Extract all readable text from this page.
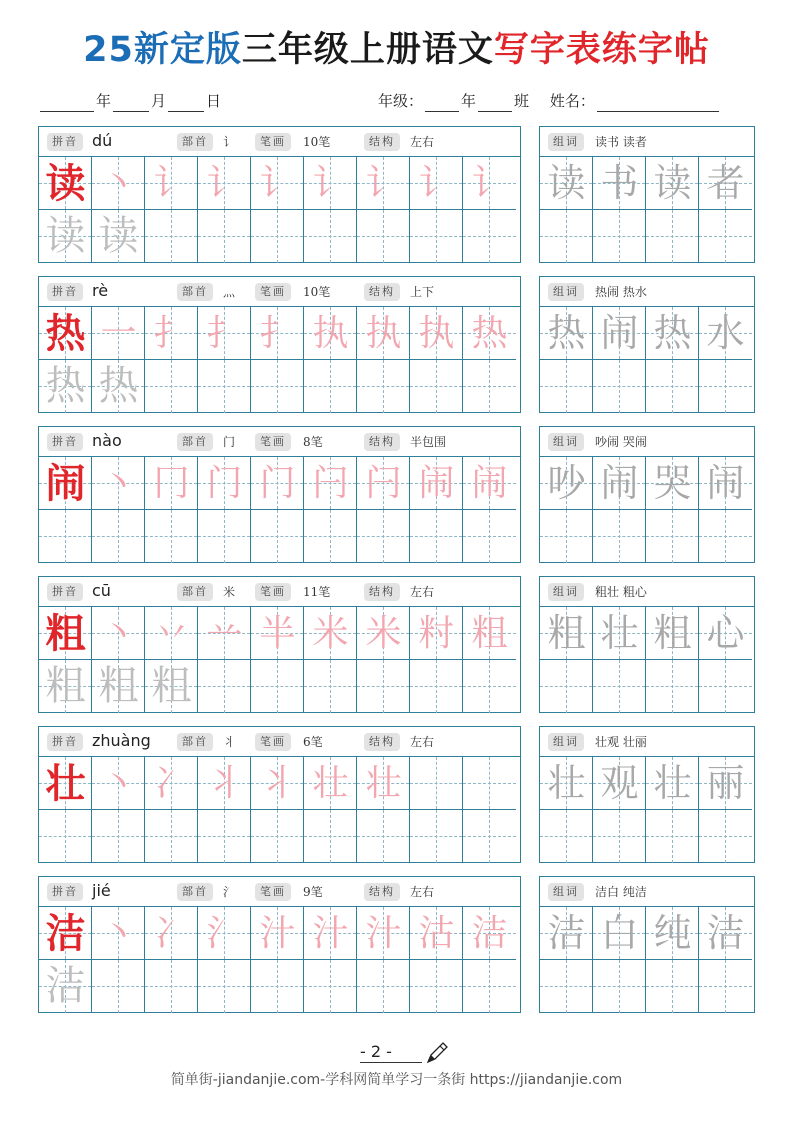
25新定版三年级上册语文写字表练字帖
年	月	日	年级：	年	班 姓名：
拼音 dú	部首	讠	笔画	10笔	结构	左右
读 丶 讠 讠 讠 讠 讠 讠 讠
读 读
组词	读书 读者
读 书 读 者
拼音 rè	部首	灬	笔画	10笔	结构	上下
热 一 扌 扌 扌 执 执 执 热
热 热
组词	热闹 热水
热 闹 热 水
拼音 nào	部首	门	笔画	8笔	结构	半包围
闹 丶 冂 门 门 闩 闩 闹 闹
组词	吵闹 哭闹
吵 闹 哭 闹
拼音 cū	部首	米	笔画	11笔	结构	左右
粗 丶 丷 䒑 半 米 米 籿 粗
粗 粗 粗
组词	粗壮 粗心
粗 壮 粗 心
拼音 zhuàng	部首	丬	笔画	6笔	结构	左右
壮 丶 冫 丬 丬 壮 壮
组词	壮观 壮丽
壮 观 壮 丽
拼音 jié	部首	氵	笔画	9笔	结构	左右
洁 丶 冫 氵 汁 汁 汁 沽 洁
洁
组词	洁白 纯洁
洁 白 纯 洁
- 2 -
简单街-jiandanjie.com-学科网简单学习一条街 https://jiandanjie.com
